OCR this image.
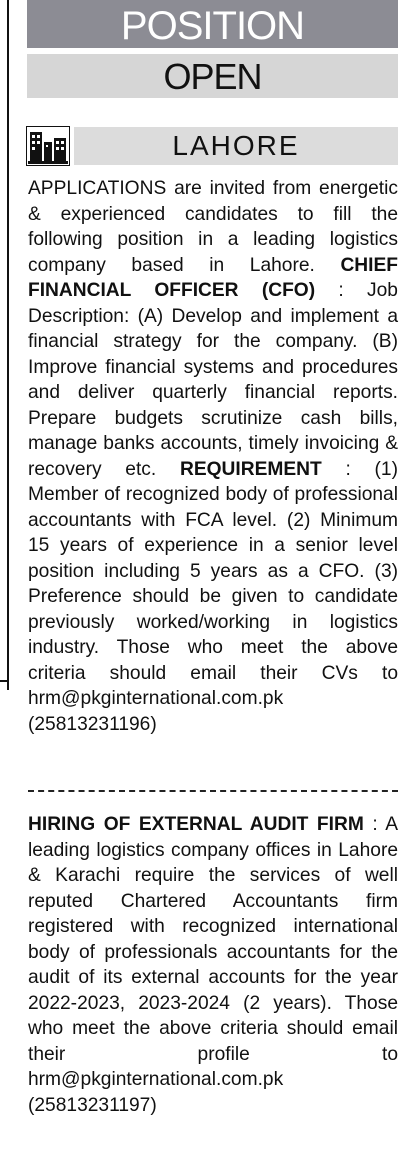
POSITION
OPEN
LAHORE

APPLICATIONS are invited from energetic & experienced candidates to fill the following position in a leading logistics company based in Lahore. CHIEF FINANCIAL OFFICER (CFO) : Job Description: (A) Develop and implement a financial strategy for the company. (B) Improve financial systems and procedures and deliver quarterly financial reports. Prepare budgets scrutinize cash bills, manage banks accounts, timely invoicing & recovery etc. REQUIREMENT : (1) Member of recognized body of professional accountants with FCA level. (2) Minimum 15 years of experience in a senior level position including 5 years as a CFO. (3) Preference should be given to candidate previously worked/working in logistics industry. Those who meet the above criteria should email their CVs to hrm@pkginternational.com.pk (25813231196)

HIRING OF EXTERNAL AUDIT FIRM : A leading logistics company offices in Lahore & Karachi require the services of well reputed Chartered Accountants firm registered with recognized international body of professionals accountants for the audit of its external accounts for the year 2022-2023, 2023-2024 (2 years). Those who meet the above criteria should email their profile to hrm@pkginternational.com.pk (25813231197)
